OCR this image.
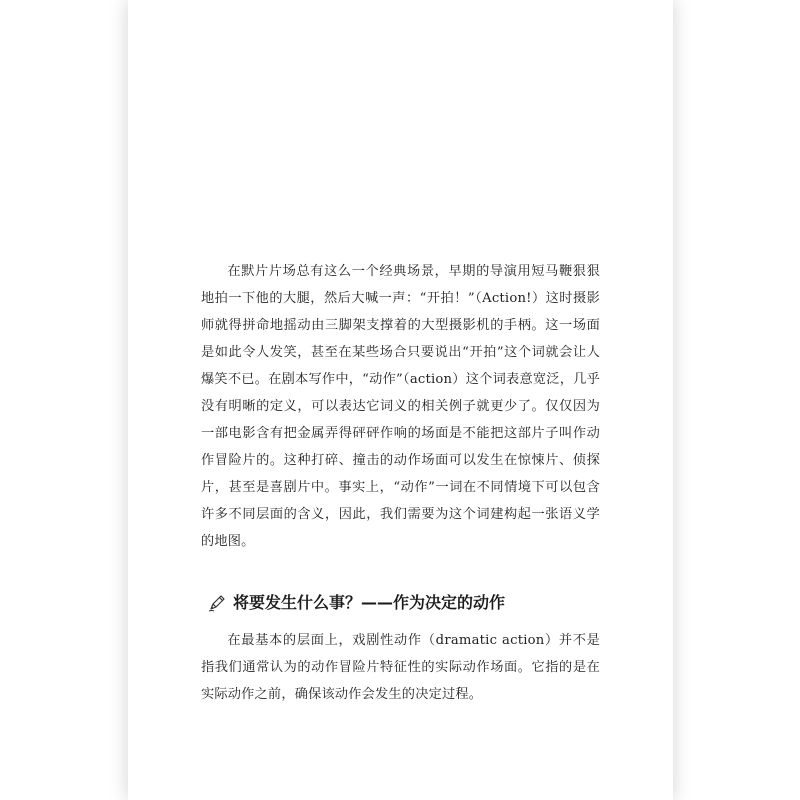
在默片片场总有这么一个经典场景，早期的导演用短马鞭狠狠地拍一下他的大腿，然后大喊一声：“开拍！”（Action!）这时摄影师就得拼命地摇动由三脚架支撑着的大型摄影机的手柄。这一场面是如此令人发笑，甚至在某些场合只要说出“开拍”这个词就会让人爆笑不已。在剧本写作中，“动作”（action）这个词表意宽泛，几乎没有明晰的定义，可以表达它词义的相关例子就更少了。仅仅因为一部电影含有把金属弄得砰砰作响的场面是不能把这部片子叫作动作冒险片的。这种打碎、撞击的动作场面可以发生在惊悚片、侦探片，甚至是喜剧片中。事实上，“动作”一词在不同情境下可以包含许多不同层面的含义，因此，我们需要为这个词建构起一张语义学的地图。

将要发生什么事？——作为决定的动作

在最基本的层面上，戏剧性动作（dramatic action）并不是指我们通常认为的动作冒险片特征性的实际动作场面。它指的是在实际动作之前，确保该动作会发生的决定过程。
